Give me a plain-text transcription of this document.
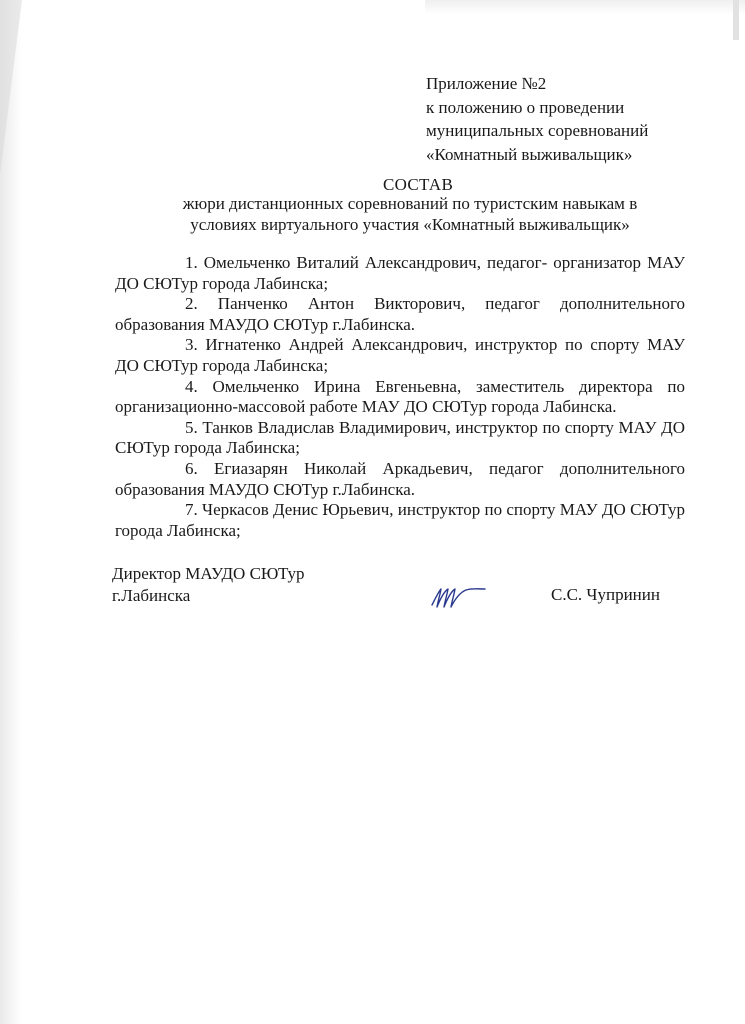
Приложение №2
к положению о проведении
муниципальных соревнований
«Комнатный выживальщик»
СОСТАВ
жюри дистанционных соревнований по туристским навыкам в условиях виртуального участия «Комнатный выживальщик»

1. Омельченко Виталий Александрович, педагог- организатор МАУ ДО СЮТур города Лабинска;

2. Панченко Антон Викторович, педагог дополнительного образования МАУДО СЮТур г.Лабинска.

3. Игнатенко Андрей Александрович, инструктор по спорту МАУ ДО СЮТур города Лабинска;

4. Омельченко Ирина Евгеньевна, заместитель директора по организационно-массовой работе МАУ ДО СЮТур города Лабинска.

5. Танков Владислав Владимирович, инструктор по спорту МАУ ДО СЮТур города Лабинска;

6. Егиазарян Николай Аркадьевич, педагог дополнительного образования МАУДО СЮТур г.Лабинска.

7. Черкасов Денис Юрьевич, инструктор по спорту МАУ ДО СЮТур города Лабинска;

Директор МАУДО СЮТур
г.Лабинска	С.С. Чупринин
